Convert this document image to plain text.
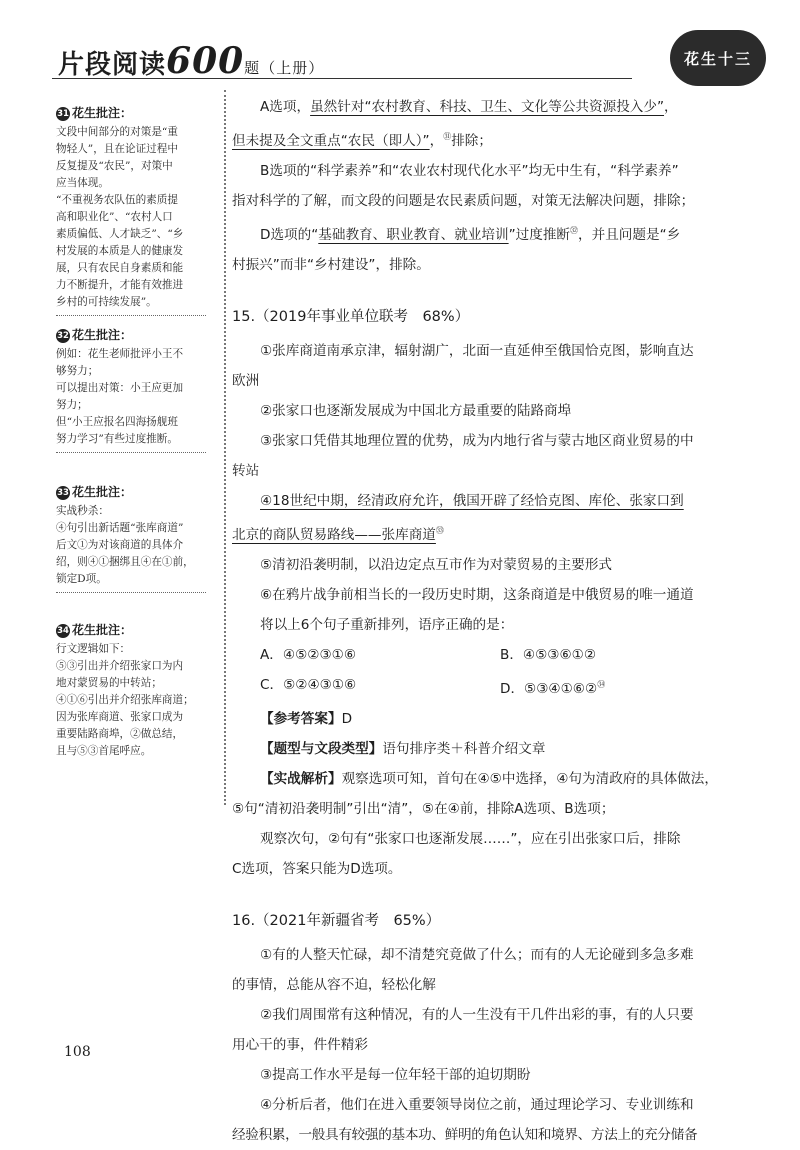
片段阅读600题（上册）
花生十三
31 花生批注：
文段中间部分的对策是“重
物轻人”，且在论证过程中
反复提及“农民”，对策中
应当体现。
“不重视务农队伍的素质提
高和职业化”、“农村人口
素质偏低、人才缺乏”、“乡
村发展的本质是人的健康发
展，只有农民自身素质和能
力不断提升，才能有效推进
乡村的可持续发展”。
32 花生批注：
例如：花生老师批评小王不
够努力；
可以提出对策：小王应更加
努力；
但“小王应报名四海扬舰班
努力学习”有些过度推断。
33 花生批注：
实战秒杀：
④句引出新话题“张库商道”
后文①为对该商道的具体介
绍，则④①捆绑且④在①前，
锁定D项。
34 花生批注：
行文逻辑如下：
⑤③引出并介绍张家口为内
地对蒙贸易的中转站；
④①⑥引出并介绍张库商道；
因为张库商道、张家口成为
重要陆路商埠，②做总结，
且与⑤③首尾呼应。

A选项，虽然针对“农村教育、科技、卫生、文化等公共资源投入少”，

但未提及全文重点“农民（即人）”，$^㉛$排除；

B选项的“科学素养”和“农业农村现代化水平”均无中生有，“科学素养”

指对科学的了解，而文段的问题是农民素质问题，对策无法解决问题，排除；

D选项的“基础教育、职业教育、就业培训”过度推断$^㉜$，并且问题是“乡

村振兴”而非“乡村建设”，排除。

15.（2019年事业单位联考　68%）

①张库商道南承京津，辐射湖广，北面一直延伸至俄国恰克图，影响直达

欧洲

②张家口也逐渐发展成为中国北方最重要的陆路商埠

③张家口凭借其地理位置的优势，成为内地行省与蒙古地区商业贸易的中

转站

④18世纪中期，经清政府允许，俄国开辟了经恰克图、库伦、张家口到

北京的商队贸易路线——张库商道$^㉝$

⑤清初沿袭明制，以沿边定点互市作为对蒙贸易的主要形式

⑥在鸦片战争前相当长的一段历史时期，这条商道是中俄贸易的唯一通道

将以上6个句子重新排列，语序正确的是：

A．④⑤②③①⑥	B．④⑤③⑥①②
C．⑤②④③①⑥	D．⑤③④①⑥②$^㉞$

【参考答案】D

【题型与文段类型】语句排序类＋科普介绍文章

【实战解析】观察选项可知，首句在④⑤中选择，④句为清政府的具体做法，

⑤句“清初沿袭明制”引出“清”，⑤在④前，排除A选项、B选项；

观察次句，②句有“张家口也逐渐发展……”，应在引出张家口后，排除

C选项，答案只能为D选项。

16.（2021年新疆省考　65%）

①有的人整天忙碌，却不清楚究竟做了什么；而有的人无论碰到多急多难

的事情，总能从容不迫，轻松化解

②我们周围常有这种情况，有的人一生没有干几件出彩的事，有的人只要

用心干的事，件件精彩

③提高工作水平是每一位年轻干部的迫切期盼

④分析后者，他们在进入重要领导岗位之前，通过理论学习、专业训练和

经验积累，一般具有较强的基本功、鲜明的角色认知和境界、方法上的充分储备

108
